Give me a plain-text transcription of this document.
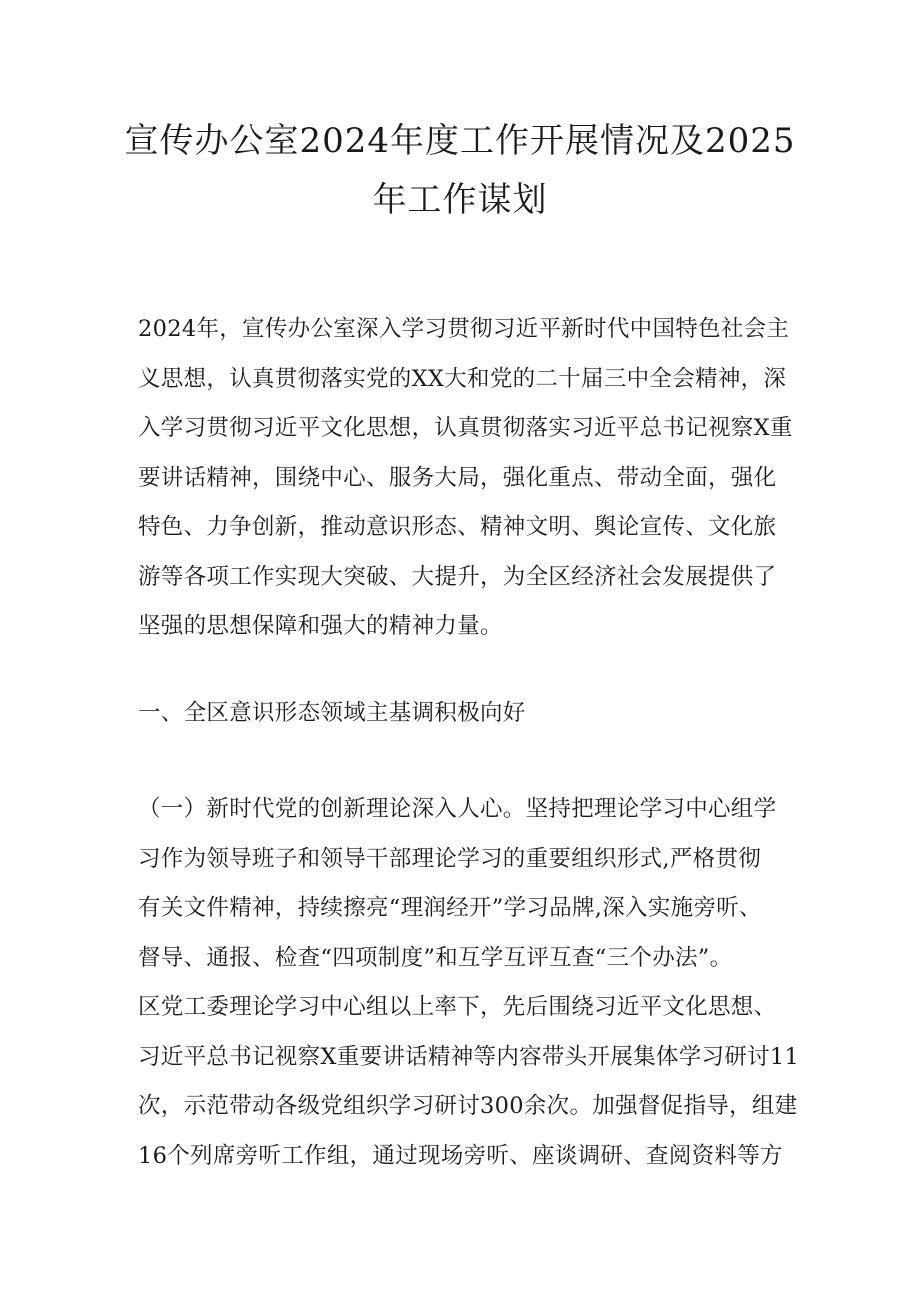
宣传办公室2024年度工作开展情况及2025
年工作谋划
2024年，宣传办公室深入学习贯彻习近平新时代中国特色社会主
义思想，认真贯彻落实党的XX大和党的二十届三中全会精神，深
入学习贯彻习近平文化思想，认真贯彻落实习近平总书记视察X重
要讲话精神，围绕中心、服务大局，强化重点、带动全面，强化
特色、力争创新，推动意识形态、精神文明、舆论宣传、文化旅
游等各项工作实现大突破、大提升，为全区经济社会发展提供了
坚强的思想保障和强大的精神力量。
一、全区意识形态领域主基调积极向好
（一）新时代党的创新理论深入人心。坚持把理论学习中心组学
习作为领导班子和领导干部理论学习的重要组织形式,严格贯彻
有关文件精神，持续擦亮“理润经开”学习品牌,深入实施旁听、
督导、通报、检查“四项制度”和互学互评互查“三个办法”。
区党工委理论学习中心组以上率下，先后围绕习近平文化思想、
习近平总书记视察X重要讲话精神等内容带头开展集体学习研讨11
次，示范带动各级党组织学习研讨300余次。加强督促指导，组建
16个列席旁听工作组，通过现场旁听、座谈调研、查阅资料等方
